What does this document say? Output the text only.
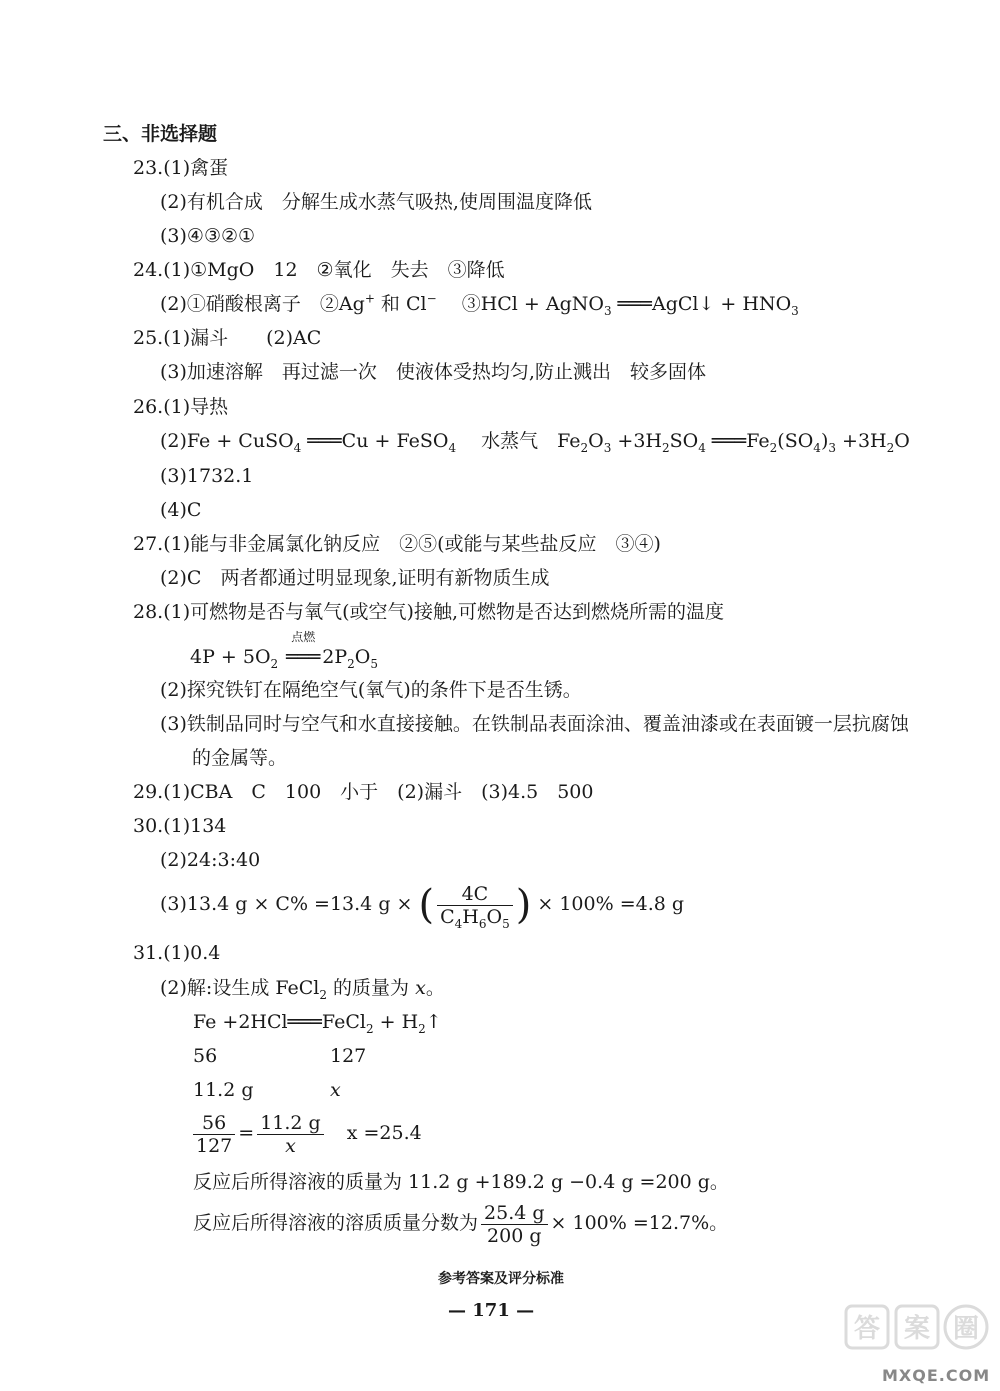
三、非选择题
23.(1)禽蛋
(2)有机合成　分解生成水蒸气吸热,使周围温度降低
(3)④③②①
24.(1)①MgO　12　②氧化　失去　③降低
(2)①硝酸根离子　②Ag+ 和 Cl− 　③HCl + AgNO$_3$ ═══AgCl↓ + $HNO_3$
25.(1)漏斗　　(2)AC
(3)加速溶解　再过滤一次　使液体受热均匀,防止溅出　较多固体
26.(1)导热
(2)Fe + CuSO$_4$ ═══Cu + FeSO$_4$ 　水蒸气　$Fe_2O_3 +3H_2SO_4$ $═══Fe_2(SO_4)_3 +3H_2O$
(3)1732.1
(4)C
27.(1)能与非金属氯化钠反应　②⑤(或能与某些盐反应　③④)
(2)C　两者都通过明显现象,证明有新物质生成
28.(1)可燃物是否与氧气(或空气)接触,可燃物是否达到燃烧所需的温度
$4P + 5O_2$
点燃
$═══2P_2O_5$
(2)探究铁钉在隔绝空气(氧气)的条件下是否生锈。
(3)铁制品同时与空气和水直接接触。在铁制品表面涂油、覆盖油漆或在表面镀一层抗腐蚀
的金属等。
29.(1)CBA　C　100　小于　(2)漏斗　(3)4.5　500
30.(1)134
(2)24:3:40
(3)13.4 g × C% =13.4 g × ( $\frac{4C}{C_4H_6O_5}$ ) × 100% =4.8 g
31.(1)0.4
(2)解:设生成 FeCl$_2$ 的质量为 x。
Fe +2HCl═══FeCl$_2$ + $H_2↑$
56	127
11.2 g	x
$\frac{56}{127} = \frac{11.2 g}{x}$ x =25.4
反应后所得溶液的质量为 11.2 g +189.2 g −0.4 g =200 g。
反应后所得溶液的溶质质量分数为 $\frac{25.4 g}{200 g} \times 100\% =12.7\%$。
参考答案及评分标准
— 171 —
答 案 圈
MXQE.COM
